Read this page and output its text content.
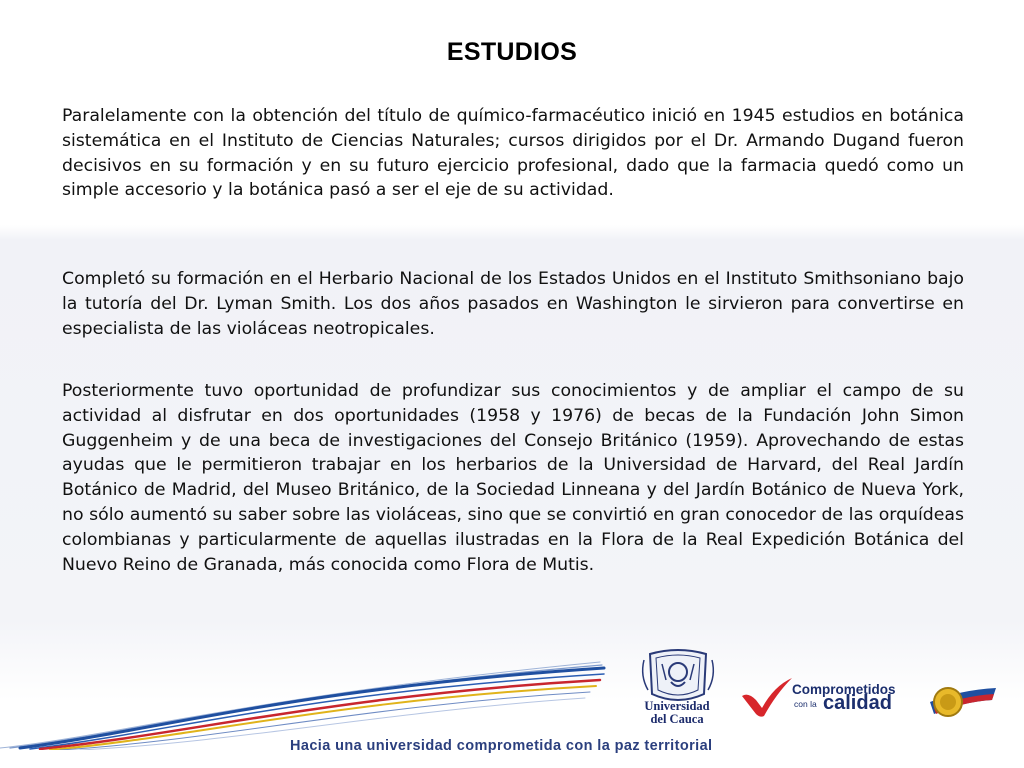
ESTUDIOS

Paralelamente con la obtención del título de químico-farmacéutico inició en 1945 estudios en botánica sistemática en el Instituto de Ciencias Naturales; cursos dirigidos por el Dr. Armando Dugand fueron decisivos en su formación y en su futuro ejercicio profesional, dado que la farmacia quedó como un simple accesorio y la botánica pasó a ser el eje de su actividad.

Completó su formación en el Herbario Nacional de los Estados Unidos en el Instituto Smithsoniano bajo la tutoría del Dr. Lyman Smith. Los dos años pasados en Washington le sirvieron para convertirse en especialista de las violáceas neotropicales.

Posteriormente tuvo oportunidad de profundizar sus conocimientos y de ampliar el campo de su actividad al disfrutar en dos oportunidades (1958 y 1976) de becas de la Fundación John Simon Guggenheim y de una beca de investigaciones del Consejo Británico (1959). Aprovechando de estas ayudas que le permitieron trabajar en los herbarios de la Universidad de Harvard, del Real Jardín Botánico de Madrid, del Museo Británico, de la Sociedad Linneana y del Jardín Botánico de Nueva York, no sólo aumentó su saber sobre las violáceas, sino que se convirtió en gran conocedor de las orquídeas colombianas y particularmente de aquellas ilustradas en la Flora de la Real Expedición Botánica del Nuevo Reino de Granada, más conocida como Flora de Mutis.

Universidad
del Cauca
Comprometidos
con la calidad
Hacia una universidad comprometida con la paz territorial
